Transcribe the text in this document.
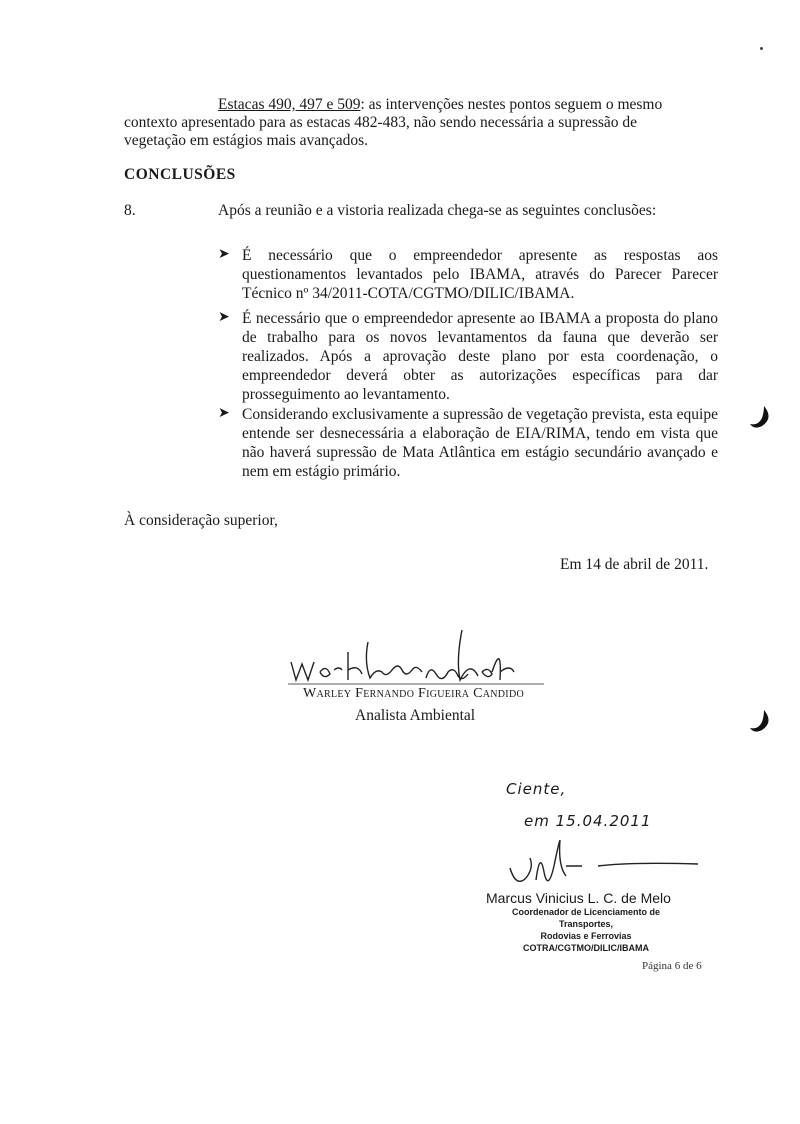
Estacas 490, 497 e 509: as intervenções nestes pontos seguem o mesmo
contexto apresentado para as estacas 482-483, não sendo necessária a supressão de
vegetação em estágios mais avançados.
CONCLUSÕES
8.	Após a reunião e a vistoria realizada chega-se as seguintes conclusões:
➤ É necessário que o empreendedor apresente as respostas aos questionamentos levantados pelo IBAMA, através do Parecer Parecer Técnico nº 34/2011-COTA/CGTMO/DILIC/IBAMA.
➤ É necessário que o empreendedor apresente ao IBAMA a proposta do plano de trabalho para os novos levantamentos da fauna que deverão ser realizados. Após a aprovação deste plano por esta coordenação, o empreendedor deverá obter as autorizações específicas para dar prosseguimento ao levantamento.
➤ Considerando exclusivamente a supressão de vegetação prevista, esta equipe entende ser desnecessária a elaboração de EIA/RIMA, tendo em vista que não haverá supressão de Mata Atlântica em estágio secundário avançado e nem em estágio primário.
À consideração superior,
Em 14 de abril de 2011.
Warley Fernando Figueira Candido
Analista Ambiental
Ciente,
em 15.04.2011
Marcus Vinicius L. C. de Melo
Coordenador de Licenciamento de Transportes,
Rodovias e Ferrovias
COTRA/CGTMO/DILIC/IBAMA
Página 6 de 6
